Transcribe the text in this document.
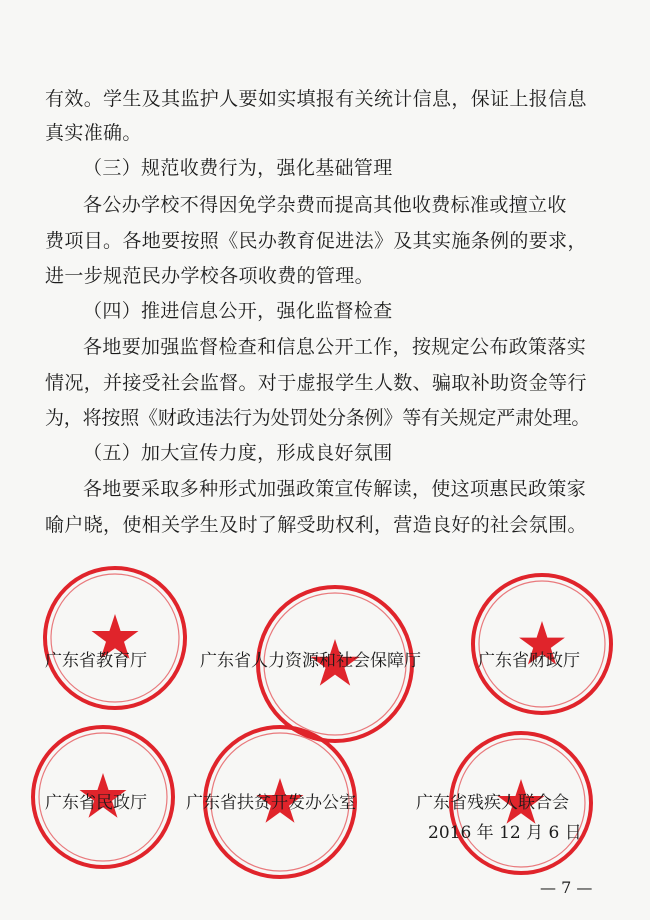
有效。学生及其监护人要如实填报有关统计信息，保证上报信息
真实准确。
（三）规范收费行为，强化基础管理
各公办学校不得因免学杂费而提高其他收费标准或擅立收
费项目。各地要按照《民办教育促进法》及其实施条例的要求，
进一步规范民办学校各项收费的管理。
（四）推进信息公开，强化监督检查
各地要加强监督检查和信息公开工作，按规定公布政策落实
情况，并接受社会监督。对于虚报学生人数、骗取补助资金等行
为，将按照《财政违法行为处罚处分条例》等有关规定严肃处理。
（五）加大宣传力度，形成良好氛围
各地要采取多种形式加强政策宣传解读，使这项惠民政策家
喻户晓，使相关学生及时了解受助权利，营造良好的社会氛围。
广东省教育厅	广东省人力资源和社会保障厅	广东省财政厅
广东省民政厅 广东省扶贫开发办公室	广东省残疾人联合会
2016 年 12 月 6 日
— 7 —
